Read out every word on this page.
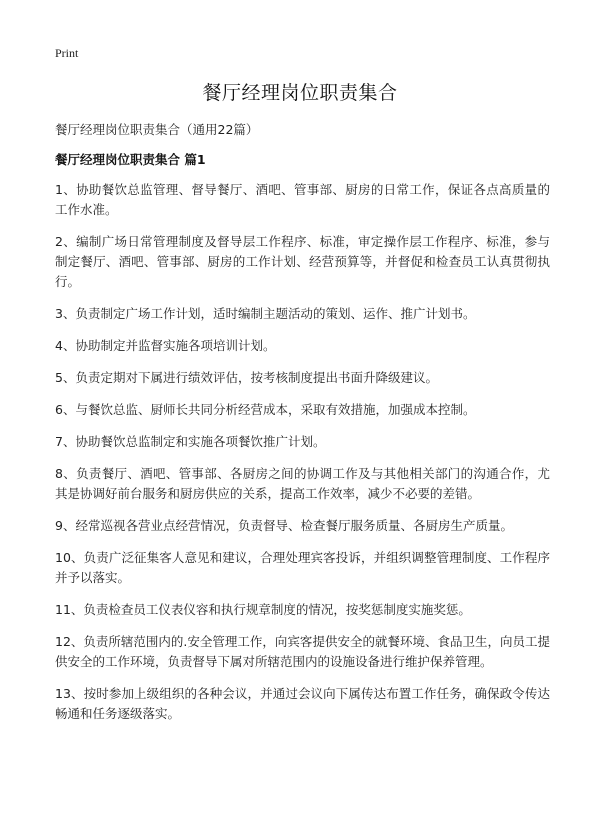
Print
餐厅经理岗位职责集合
餐厅经理岗位职责集合（通用22篇）
餐厅经理岗位职责集合 篇1

1、协助餐饮总监管理、督导餐厅、酒吧、管事部、厨房的日常工作，保证各点高质量的工作水准。

2、编制广场日常管理制度及督导层工作程序、标准，审定操作层工作程序、标准，参与制定餐厅、酒吧、管事部、厨房的工作计划、经营预算等，并督促和检查员工认真贯彻执行。

3、负责制定广场工作计划，适时编制主题活动的策划、运作、推广计划书。

4、协助制定并监督实施各项培训计划。

5、负责定期对下属进行绩效评估，按考核制度提出书面升降级建议。

6、与餐饮总监、厨师长共同分析经营成本，采取有效措施，加强成本控制。

7、协助餐饮总监制定和实施各项餐饮推广计划。

8、负责餐厅、酒吧、管事部、各厨房之间的协调工作及与其他相关部门的沟通合作，尤其是协调好前台服务和厨房供应的关系，提高工作效率，减少不必要的差错。

9、经常巡视各营业点经营情况，负责督导、检查餐厅服务质量、各厨房生产质量。

10、负责广泛征集客人意见和建议，合理处理宾客投诉，并组织调整管理制度、工作程序并予以落实。

11、负责检查员工仪表仪容和执行规章制度的情况，按奖惩制度实施奖惩。

12、负责所辖范围内的.安全管理工作，向宾客提供安全的就餐环境、食品卫生，向员工提供安全的工作环境，负责督导下属对所辖范围内的设施设备进行维护保养管理。

13、按时参加上级组织的各种会议，并通过会议向下属传达布置工作任务，确保政令传达畅通和任务逐级落实。
